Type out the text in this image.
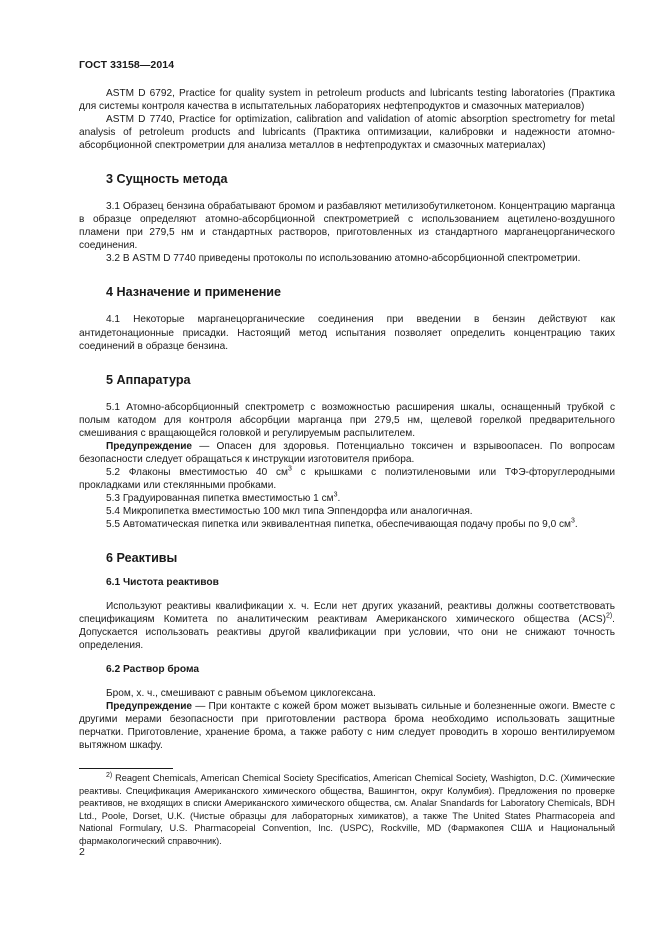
ГОСТ 33158—2014

ASTM D 6792, Practice for quality system in petroleum products and lubricants testing laboratories (Практика для системы контроля качества в испытательных лабораториях нефтепродуктов и смазочных материалов)

ASTM D 7740, Practice for optimization, calibration and validation of atomic absorption spectrometry for metal analysis of petroleum products and lubricants (Практика оптимизации, калибровки и надежности атомно-абсорбционной спектрометрии для анализа металлов в нефтепродуктах и смазочных материалах)

3 Сущность метода

3.1 Образец бензина обрабатывают бромом и разбавляют метилизобутилкетоном. Концентрацию марганца в образце определяют атомно-абсорбционной спектрометрией с использованием ацетилено-воздушного пламени при 279,5 нм и стандартных растворов, приготовленных из стандартного марганецорганического соединения.

3.2 В ASTM D 7740 приведены протоколы по использованию атомно-абсорбционной спектрометрии.

4 Назначение и применение

4.1 Некоторые марганецорганические соединения при введении в бензин действуют как антидетонационные присадки. Настоящий метод испытания позволяет определить концентрацию таких соединений в образце бензина.

5 Аппаратура

5.1 Атомно-абсорбционный спектрометр с возможностью расширения шкалы, оснащенный трубкой с полым катодом для контроля абсорбции марганца при 279,5 нм, щелевой горелкой предварительного смешивания с вращающейся головкой и регулируемым распылителем.

Предупреждение — Опасен для здоровья. Потенциально токсичен и взрывоопасен. По вопросам безопасности следует обращаться к инструкции изготовителя прибора.

5.2 Флаконы вместимостью 40 $см^3$ с крышками с полиэтиленовыми или ТФЭ-фторуглеродными прокладками или стеклянными пробками.

5.3 Градуированная пипетка вместимостью 1 $см^3$.

5.4 Микропипетка вместимостью 100 мкл типа Эппендорфа или аналогичная.

5.5 Автоматическая пипетка или эквивалентная пипетка, обеспечивающая подачу пробы по 9,0 $см^3$.

6 Реактивы
6.1 Чистота реактивов

Используют реактивы квалификации х. ч. Если нет других указаний, реактивы должны соответствовать спецификациям Комитета по аналитическим реактивам Американского химического общества (ACS)$^{2)}$. Допускается использовать реактивы другой квалификации при условии, что они не снижают точность определения.

6.2 Раствор брома

Бром, х. ч., смешивают с равным объемом циклогексана.

Предупреждение — При контакте с кожей бром может вызывать сильные и болезненные ожоги. Вместе с другими мерами безопасности при приготовлении раствора брома необходимо использовать защитные перчатки. Приготовление, хранение брома, а также работу с ним следует проводить в хорошо вентилируемом вытяжном шкафу.

$^{2)}$ Reagent Chemicals, American Chemical Society Specificatios, American Chemical Society, Washigton, D.C. (Химические реактивы. Спецификация Американского химического общества, Вашингтон, округ Колумбия). Предложения по проверке реактивов, не входящих в списки Американского химического общества, см. Analar Snandards for Laboratory Chemicals, BDH Ltd., Poole, Dorset, U.K. (Чистые образцы для лабораторных химикатов), а также The United States Pharmacopeia and National Formulary, U.S. Pharmacopeial Convention, Inc. (USPC), Rockville, MD (Фармакопея США и Национальный фармакологический справочник).

2
